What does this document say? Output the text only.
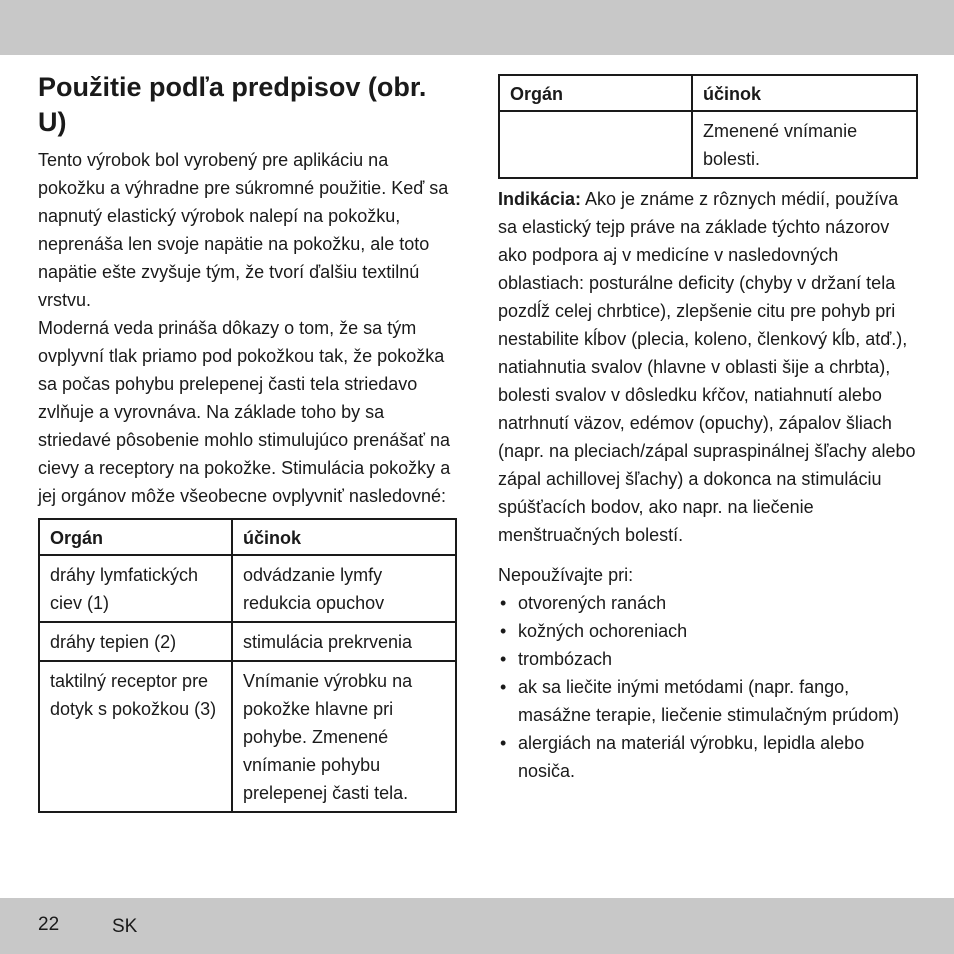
Použitie podľa predpisov (obr. U)

Tento výrobok bol vyrobený pre aplikáciu na pokožku a výhradne pre súkromné použitie. Keď sa napnutý elastický výrobok nalepí na pokožku, neprenáša len svoje napätie na pokožku, ale toto napätie ešte zvyšuje tým, že tvorí ďalšiu textilnú vrstvu.

Moderná veda prináša dôkazy o tom, že sa tým ovplyvní tlak priamo pod pokožkou tak, že pokožka sa počas pohybu prelepenej časti tela striedavo zvlňuje a vyrovnáva. Na základe toho by sa striedavé pôsobenie mohlo stimulujúco prenášať na cievy a receptory na pokožke. Stimulácia pokožky a jej orgánov môže všeobecne ovplyvniť nasledovné:

Orgán	účinok
dráhy lymfatických ciev (1)	odvádzanie lymfy redukcia opuchov
dráhy tepien (2)	stimulácia prekrvenia
taktilný receptor pre dotyk s pokožkou (3)	Vnímanie výrobku na pokožke hlavne pri pohybe. Zmenené vnímanie pohybu prelepenej časti tela.
Orgán	účinok
	Zmenené vnímanie bolesti.

Indikácia: Ako je známe z rôznych médií, používa sa elastický tejp práve na základe týchto názorov ako podpora aj v medicíne v nasledovných oblastiach: posturálne deficity (chyby v držaní tela pozdĺž celej chrbtice), zlepšenie citu pre pohyb pri nestabilite kĺbov (plecia, koleno, členkový kĺb, atď.), natiahnutia svalov (hlavne v oblasti šije a chrbta), bolesti svalov v dôsledku kŕčov, natiahnutí alebo natrhnutí väzov, edémov (opuchy), zápalov šliach (napr. na pleciach/zápal supraspinálnej šľachy alebo zápal achillovej šľachy) a dokonca na stimuláciu spúšťacích bodov, ako napr. na liečenie menštruačných bolestí.

Nepoužívajte pri:

• otvorených ranách
• kožných ochoreniach
• trombózach
• ak sa liečite inými metódami (napr. fango, masážne terapie, liečenie stimulačným prúdom)
• alergiách na materiál výrobku, lepidla alebo nosiča.
22	SK
